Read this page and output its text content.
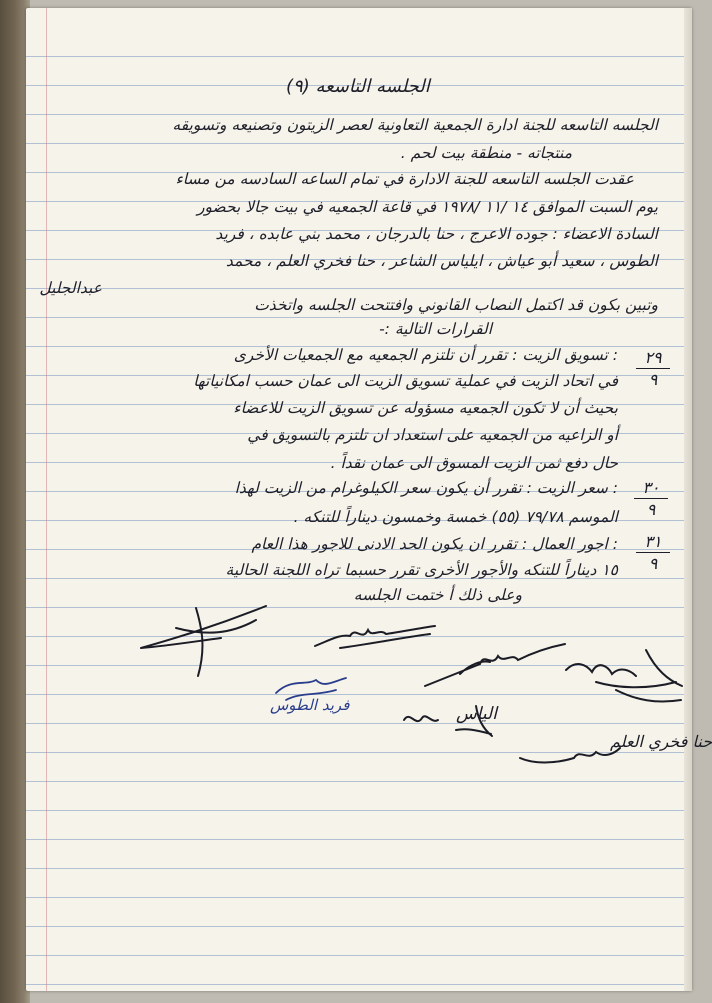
الجلسه التاسعه (٩)
الجلسه التاسعه للجنة ادارة الجمعية التعاونية لعصر الزيتون وتصنيعه وتسويقه
منتجاته - منطقة بيت لحم .
عقدت الجلسه التاسعه للجنة الادارة في تمام الساعه السادسه من مساء
يوم السبت الموافق ١٤ /١١ /١٩٧٨ في قاعة الجمعيه في بيت جالا بحضور
السادة الاعضاء : جوده الاعرج ، حنا بالدرجان ، محمد بني عابده ، فريد
الطوس ، سعيد أبو عياش ، ايلياس الشاعر ، حنا فخري العلم ، محمد
عبدالجليل
وتبين بكون قد اكتمل النصاب القانوني وافتتحت الجلسه واتخذت
القرارات التالية :-
٢٩
٩
: تسويق الزيت : تقرر أن تلتزم الجمعيه مع الجمعيات الأخرى
في اتحاد الزيت في عملية تسويق الزيت الى عمان حسب امكانياتها
بحيث أن لا تكون الجمعيه مسؤوله عن تسويق الزيت للاعضاء
أو الزاعيه من الجمعيه على استعداد ان تلتزم بالتسويق في
حال دفع ثمن الزيت المسوق الى عمان نقداً .
٣٠
٩
: سعر الزيت : تقرر أن يكون سعر الكيلوغرام من الزيت لهذا
الموسم ٧٩/٧٨ (٥٥) خمسة وخمسون ديناراً للتنكه .
٣١
٩
: اجور العمال : تقرر ان يكون الحد الادنى للاجور هذا العام
١٥ ديناراً للتنكه والأجور الأخرى تقرر حسبما تراه اللجنة الحالية
وعلى ذلك أ ختمت الجلسه
فريد الطوس	الياس
حنا فخري العلم
